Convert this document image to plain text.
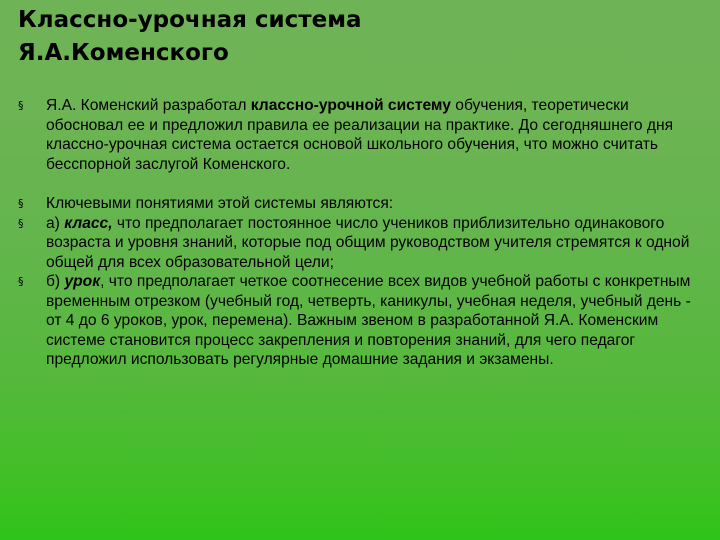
Классно-урочная система
Я.А.Коменского
§	Я.А. Коменский разработал классно-урочной систему обучения, теоретически обосновал ее и предложил правила ее реализации на практике. До сегодняшнего дня классно-урочная система остается основой школьного обучения, что можно считать бесспорной заслугой Коменского.
§	Ключевыми понятиями этой системы являются:
§	а) класс, что предполагает постоянное число учеников приблизительно одинакового возраста и уровня знаний, которые под общим руководством учителя стремятся к одной общей для всех образовательной цели;
§	б) урок, что предполагает четкое соотнесение всех видов учебной работы с конкретным временным отрезком (учебный год, четверть, каникулы, учебная неделя, учебный день - от 4 до 6 уроков, урок, перемена). Важным звеном в разработанной Я.А. Коменским системе становится процесс закрепления и повторения знаний, для чего педагог предложил использовать регулярные домашние задания и экзамены.
